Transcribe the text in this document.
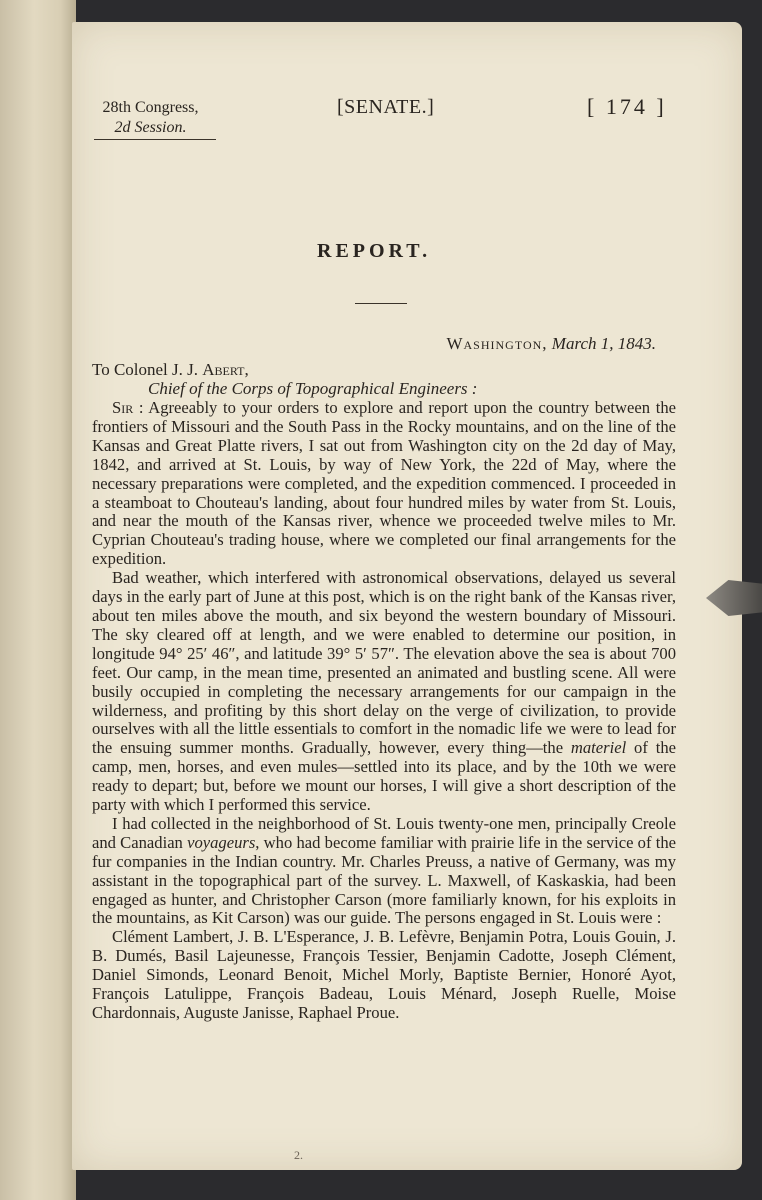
28th Congress,
2d Session.
[SENATE.]	[ 174 ]
REPORT.
Washington, March 1, 1843.
To Colonel J. J. Abert,
Chief of the Corps of Topographical Engineers :

Sir : Agreeably to your orders to explore and report upon the country between the frontiers of Missouri and the South Pass in the Rocky mountains, and on the line of the Kansas and Great Platte rivers, I sat out from Washington city on the 2d day of May, 1842, and arrived at St. Louis, by way of New York, the 22d of May, where the necessary preparations were completed, and the expedition commenced. I proceeded in a steamboat to Chouteau's landing, about four hundred miles by water from St. Louis, and near the mouth of the Kansas river, whence we proceeded twelve miles to Mr. Cyprian Chouteau's trading house, where we completed our final arrangements for the expedition.

Bad weather, which interfered with astronomical observations, delayed us several days in the early part of June at this post, which is on the right bank of the Kansas river, about ten miles above the mouth, and six beyond the western boundary of Missouri. The sky cleared off at length, and we were enabled to determine our position, in longitude 94° 25′ 46″, and latitude 39° 5′ 57″. The elevation above the sea is about 700 feet. Our camp, in the mean time, presented an animated and bustling scene. All were busily occupied in completing the necessary arrangements for our campaign in the wilderness, and profiting by this short delay on the verge of civilization, to provide ourselves with all the little essentials to comfort in the nomadic life we were to lead for the ensuing summer months. Gradually, however, every thing—the materiel of the camp, men, horses, and even mules—settled into its place, and by the 10th we were ready to depart; but, before we mount our horses, I will give a short description of the party with which I performed this service.

I had collected in the neighborhood of St. Louis twenty-one men, principally Creole and Canadian voyageurs, who had become familiar with prairie life in the service of the fur companies in the Indian country. Mr. Charles Preuss, a native of Germany, was my assistant in the topographical part of the survey. L. Maxwell, of Kaskaskia, had been engaged as hunter, and Christopher Carson (more familiarly known, for his exploits in the mountains, as Kit Carson) was our guide. The persons engaged in St. Louis were :

Clément Lambert, J. B. L'Esperance, J. B. Lefèvre, Benjamin Potra, Louis Gouin, J. B. Dumés, Basil Lajeunesse, François Tessier, Benjamin Cadotte, Joseph Clément, Daniel Simonds, Leonard Benoit, Michel Morly, Baptiste Bernier, Honoré Ayot, François Latulippe, François Badeau, Louis Ménard, Joseph Ruelle, Moise Chardonnais, Auguste Janisse, Raphael Proue.

2.
